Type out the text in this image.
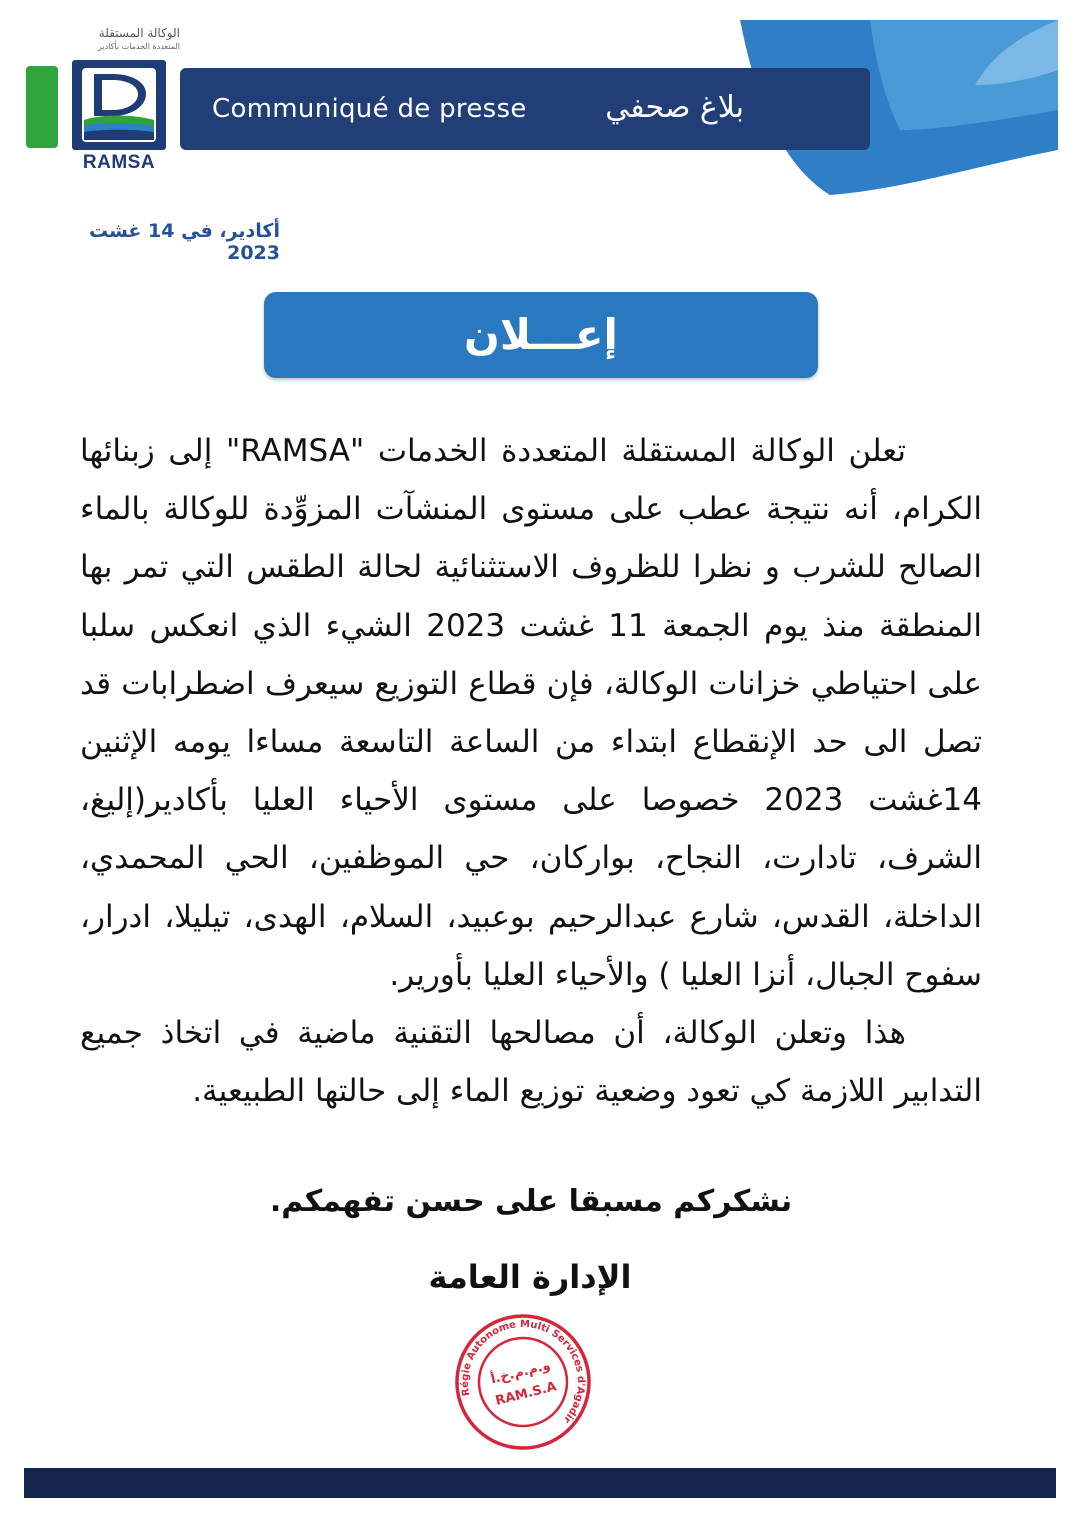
الوكالة المستقلة
المتعددة الخدمات بأكادير
RAMSA
Communiqué de presse	بلاغ صحفي
أكادير، في 14 غشت 2023
إعـــلان

تعلن الوكالة المستقلة المتعددة الخدمات "RAMSA" إلى زبنائها الكرام، أنه نتيجة عطب على مستوى المنشآت المزوِّدة للوكالة بالماء الصالح للشرب و نظرا للظروف الاستثنائية لحالة الطقس التي تمر بها المنطقة منذ يوم الجمعة 11 غشت 2023 الشيء الذي انعكس سلبا على احتياطي خزانات الوكالة، فإن قطاع التوزيع سيعرف اضطرابات قد تصل الى حد الإنقطاع ابتداء من الساعة التاسعة مساءا يومه الإثنين 14غشت 2023 خصوصا على مستوى الأحياء العليا بأكادير(إليغ، الشرف، تادارت، النجاح، بواركان، حي الموظفين، الحي المحمدي، الداخلة، القدس، شارع عبدالرحيم بوعبيد، السلام، الهدى، تيليلا، ادرار، سفوح الجبال، أنزا العليا ) والأحياء العليا بأورير.

هذا وتعلن الوكالة، أن مصالحها التقنية ماضية في اتخاذ جميع التدابير اللازمة كي تعود وضعية توزيع الماء إلى حالتها الطبيعية.

نشكركم مسبقا على حسن تفهمكم.
الإدارة العامة
Régie Autonome Multi Services d'Agadir
و.م.م.خ.أ
RAM.S.A
